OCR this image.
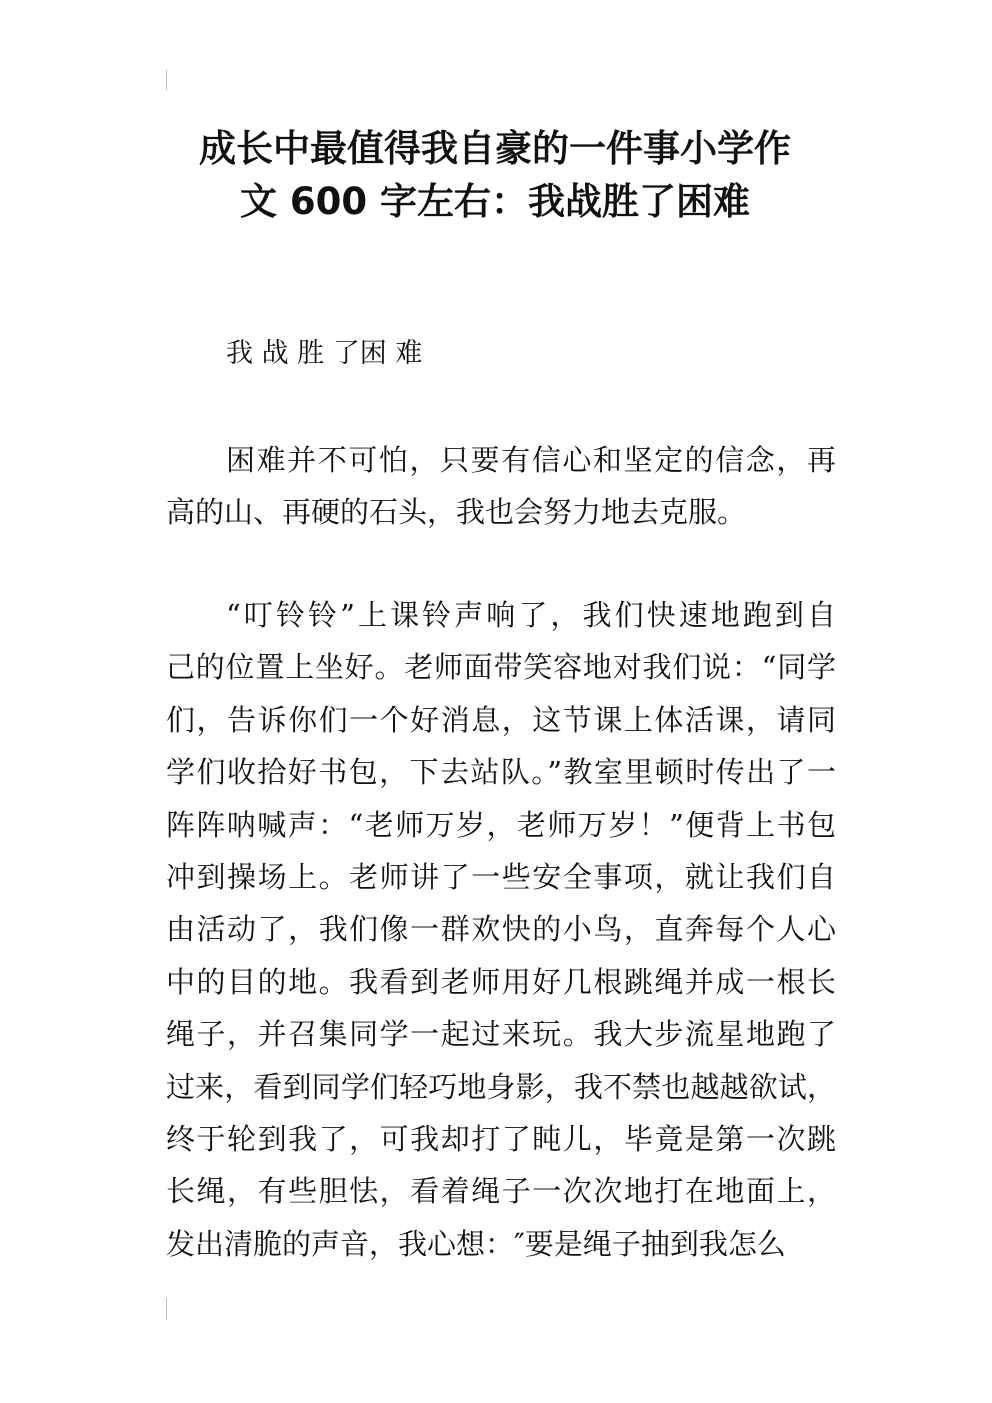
成长中最值得我自豪的一件事小学作
文 600 字左右：我战胜了困难
我 战 胜 了困 难
困难并不可怕，只要有信心和坚定的信念，再
高的山、再硬的石头，我也会努力地去克服。
“叮铃铃”上课铃声响了，我们快速地跑到自
己的位置上坐好。老师面带笑容地对我们说：“同学
们，告诉你们一个好消息，这节课上体活课，请同
学们收拾好书包，下去站队。”教室里顿时传出了一
阵阵呐喊声：“老师万岁，老师万岁！”便背上书包
冲到操场上。老师讲了一些安全事项，就让我们自
由活动了，我们像一群欢快的小鸟，直奔每个人心
中的目的地。我看到老师用好几根跳绳并成一根长
绳子，并召集同学一起过来玩。我大步流星地跑了
过来，看到同学们轻巧地身影，我不禁也越越欲试，
终于轮到我了，可我却打了盹儿，毕竟是第一次跳
长绳，有些胆怯，看着绳子一次次地打在地面上，
发出清脆的声音，我心想：″要是绳子抽到我怎么
